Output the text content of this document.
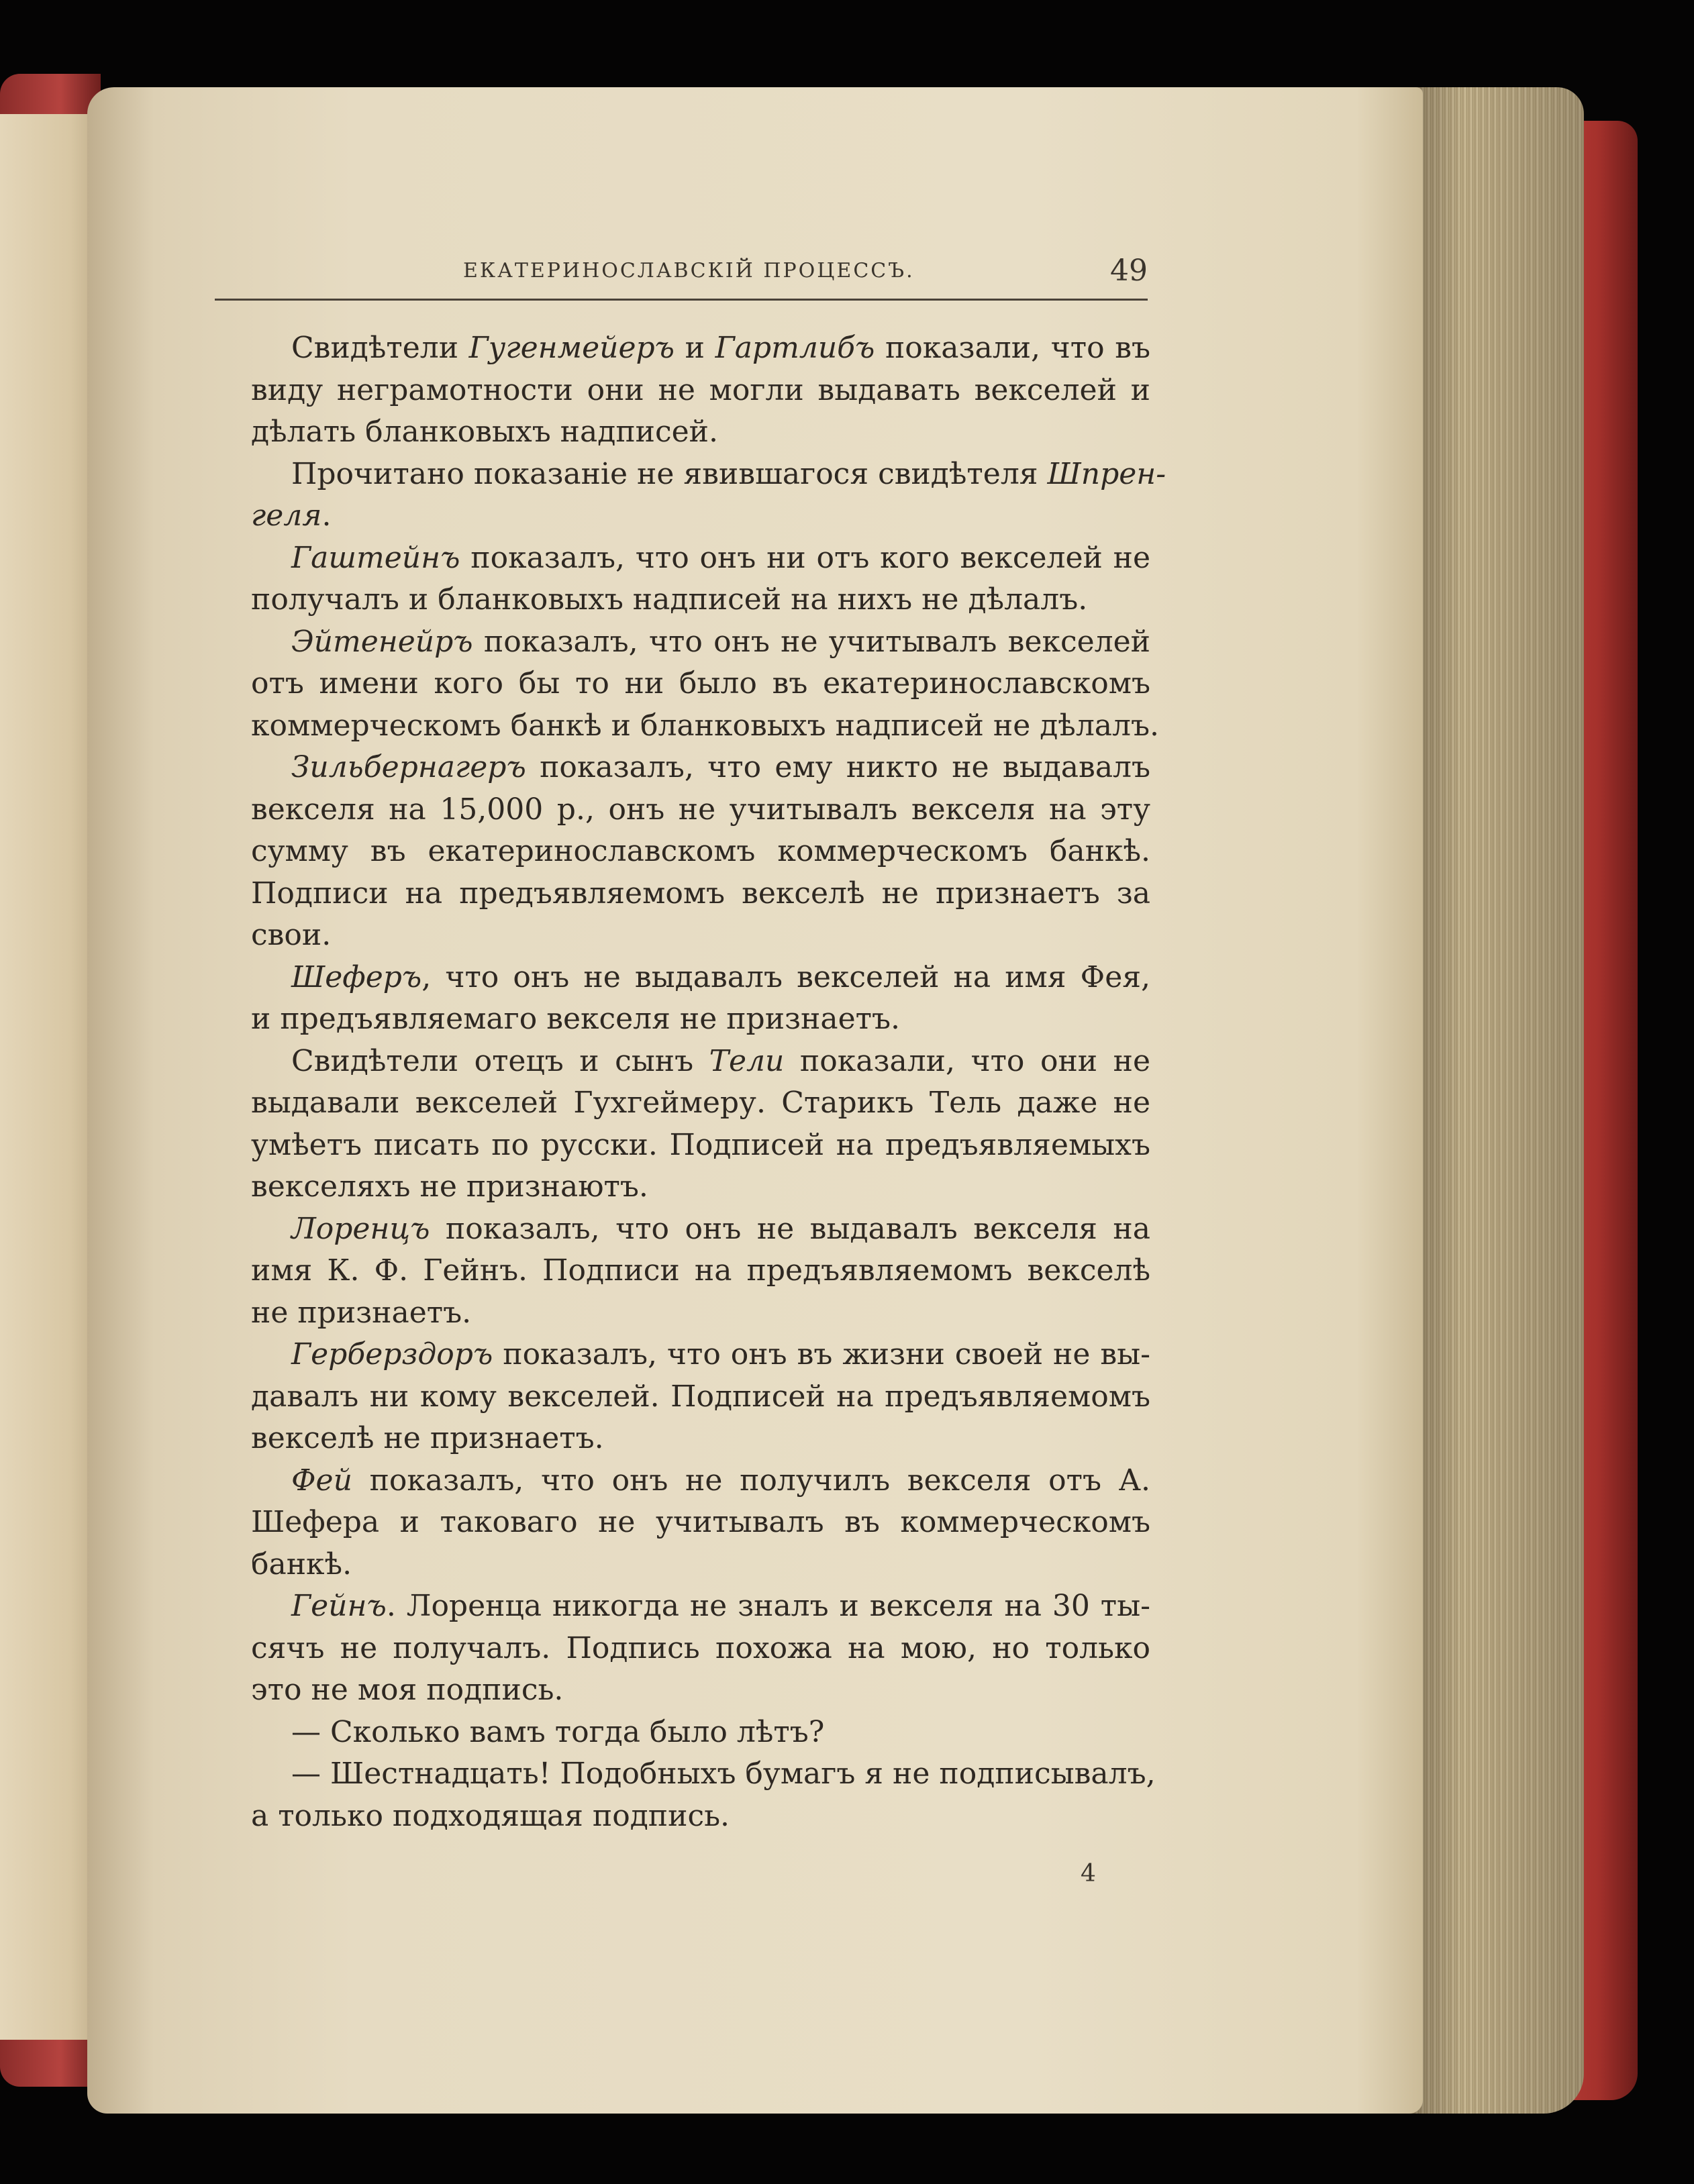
ЕКАТЕРИНОСЛАВСКІЙ ПРОЦЕССЪ.	49
Свидѣтели Гугенмейеръ и Гартлибъ показали, что въ
виду неграмотности они не могли выдавать векселей и
дѣлать бланковыхъ надписей.
Прочитано показаніе не явившагося свидѣтеля Шпрен-
геля.
Гаштейнъ показалъ, что онъ ни отъ кого векселей не
получалъ и бланковыхъ надписей на нихъ не дѣлалъ.
Эйтенейръ показалъ, что онъ не учитывалъ векселей
отъ имени кого бы то ни было въ екатеринославскомъ
коммерческомъ банкѣ и бланковыхъ надписей не дѣлалъ.
Зильбернагеръ показалъ, что ему никто не выдавалъ
векселя на 15,000 р., онъ не учитывалъ векселя на эту
сумму въ екатеринославскомъ коммерческомъ банкѣ.
Подписи на предъявляемомъ векселѣ не признаетъ за
свои.
Шеферъ, что онъ не выдавалъ векселей на имя Фея,
и предъявляемаго векселя не признаетъ.
Свидѣтели отецъ и сынъ Тели показали, что они не
выдавали векселей Гухгеймеру. Старикъ Тель даже не
умѣетъ писать по русски. Подписей на предъявляемыхъ
векселяхъ не признаютъ.
Лоренцъ показалъ, что онъ не выдавалъ векселя на
имя К. Ф. Гейнъ. Подписи на предъявляемомъ векселѣ
не признаетъ.
Герберздоръ показалъ, что онъ въ жизни своей не вы-
давалъ ни кому векселей. Подписей на предъявляемомъ
векселѣ не признаетъ.
Фей показалъ, что онъ не получилъ векселя отъ А.
Шефера и таковаго не учитывалъ въ коммерческомъ
банкѣ.
Гейнъ. Лоренца никогда не зналъ и векселя на 30 ты-
сячъ не получалъ. Подпись похожа на мою, но только
это не моя подпись.
— Сколько вамъ тогда было лѣтъ?
— Шестнадцать! Подобныхъ бумагъ я не подписывалъ,
а только подходящая подпись.
4
